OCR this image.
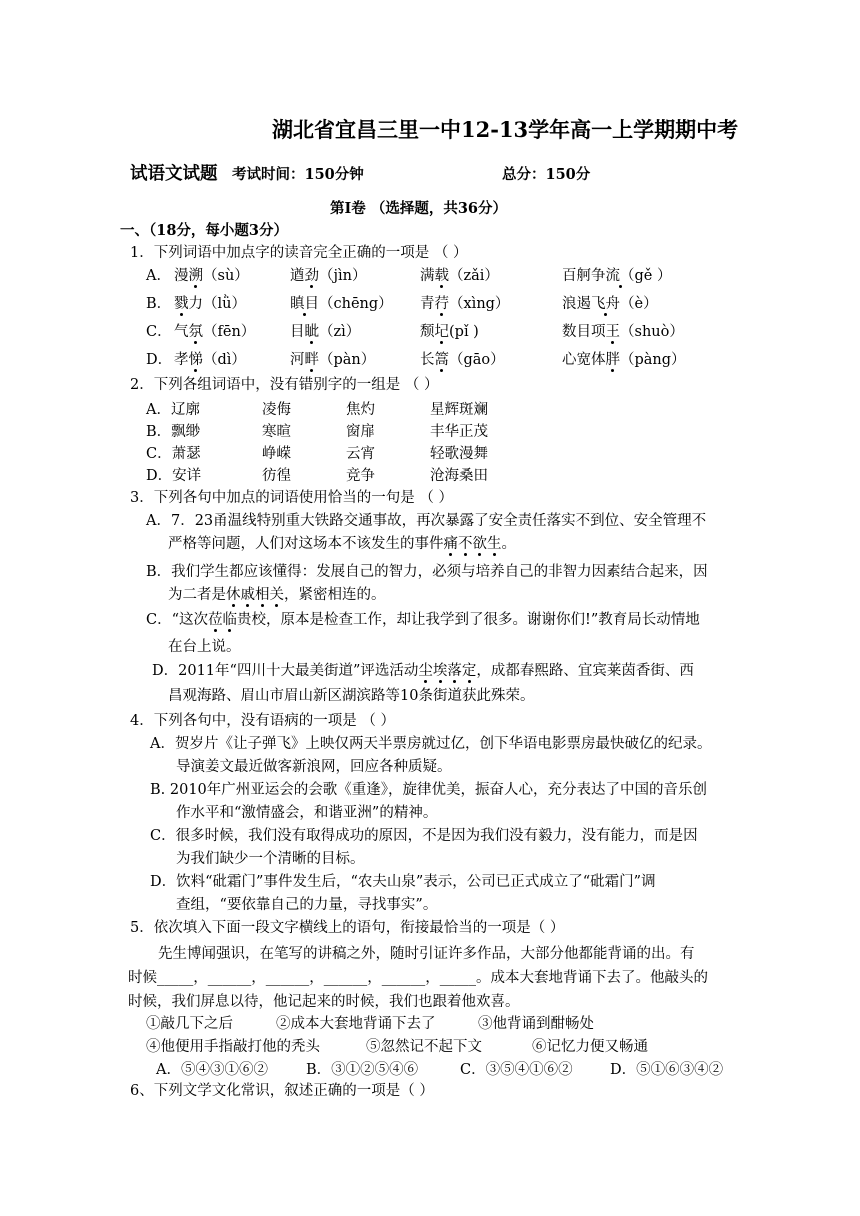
湖北省宜昌三里一中12-13学年高一上学期期中考
试语文试题 考试时间：150分钟	总分：150分
第Ⅰ卷 （选择题，共36分）
一、（18分，每小题3分）
1．下列词语中加点字的读音完全正确的一项是 （ ）
A． 漫溯（sù）	遒劲（jìn）	满载（zǎi）	百舸争流（gě ）
B． 戮力（lǜ）	瞋目（chēng） 青荇（xìng）	浪遏飞舟（è）
C． 气氛（fēn） 目眦（zì）	颓圮(pǐ )	数目项王（shuò）
D． 孝悌（dì）	河畔（pàn）	长篙（gāo）	心宽体胖（pàng）
2．下列各组词语中，没有错别字的一组是 （ ）
A．辽廓	凌侮	焦灼	星辉斑斓
B．飘缈	寒暄	窗扉	丰华正茂
C．萧瑟	峥嵘	云宵	轻歌漫舞
D．安详	彷徨	竞争	沧海桑田
3．下列各句中加点的词语使用恰当的一句是 （ ）
A．7．23甬温线特别重大铁路交通事故，再次暴露了安全责任落实不到位、安全管理不
严格等问题，人们对这场本不该发生的事件痛不欲生。
B．我们学生都应该懂得：发展自己的智力，必须与培养自己的非智力因素结合起来，因
为二者是休戚相关，紧密相连的。
C．“这次莅临贵校，原本是检查工作，却让我学到了很多。谢谢你们!”教育局长动情地
在台上说。
D．2011年“四川十大最美街道”评选活动尘埃落定，成都春熙路、宜宾莱茵香街、西
昌观海路、眉山市眉山新区湖滨路等10条街道获此殊荣。
4．下列各句中，没有语病的一项是 （ ）
A．贺岁片《让子弹飞》上映仅两天半票房就过亿，创下华语电影票房最快破亿的纪录。
导演姜文最近做客新浪网，回应各种质疑。
B. 2010年广州亚运会的会歌《重逢》，旋律优美，振奋人心，充分表达了中国的音乐创
作水平和“激情盛会，和谐亚洲”的精神。
C．很多时候，我们没有取得成功的原因，不是因为我们没有毅力，没有能力，而是因
为我们缺少一个清晰的目标。
D．饮料“砒霜门”事件发生后，“农夫山泉”表示，公司已正式成立了“砒霜门”调
查组，“要依靠自己的力量，寻找事实”。
5．依次填入下面一段文字横线上的语句，衔接最恰当的一项是（ ）
先生博闻强识，在笔写的讲稿之外，随时引证许多作品，大部分他都能背诵的出。有
时候_____，______，______，______，______，_____。成本大套地背诵下去了。他敲头的
时候，我们屏息以待，他记起来的时候，我们也跟着他欢喜。
①敲几下之后	②成本大套地背诵下去了	③他背诵到酣畅处
④他便用手指敲打他的秃头	⑤忽然记不起下文	⑥记忆力便又畅通
A．⑤④③①⑥②	B．③①②⑤④⑥	C．③⑤④①⑥②	D．⑤①⑥③④②
6、下列文学文化常识，叙述正确的一项是（ ）
